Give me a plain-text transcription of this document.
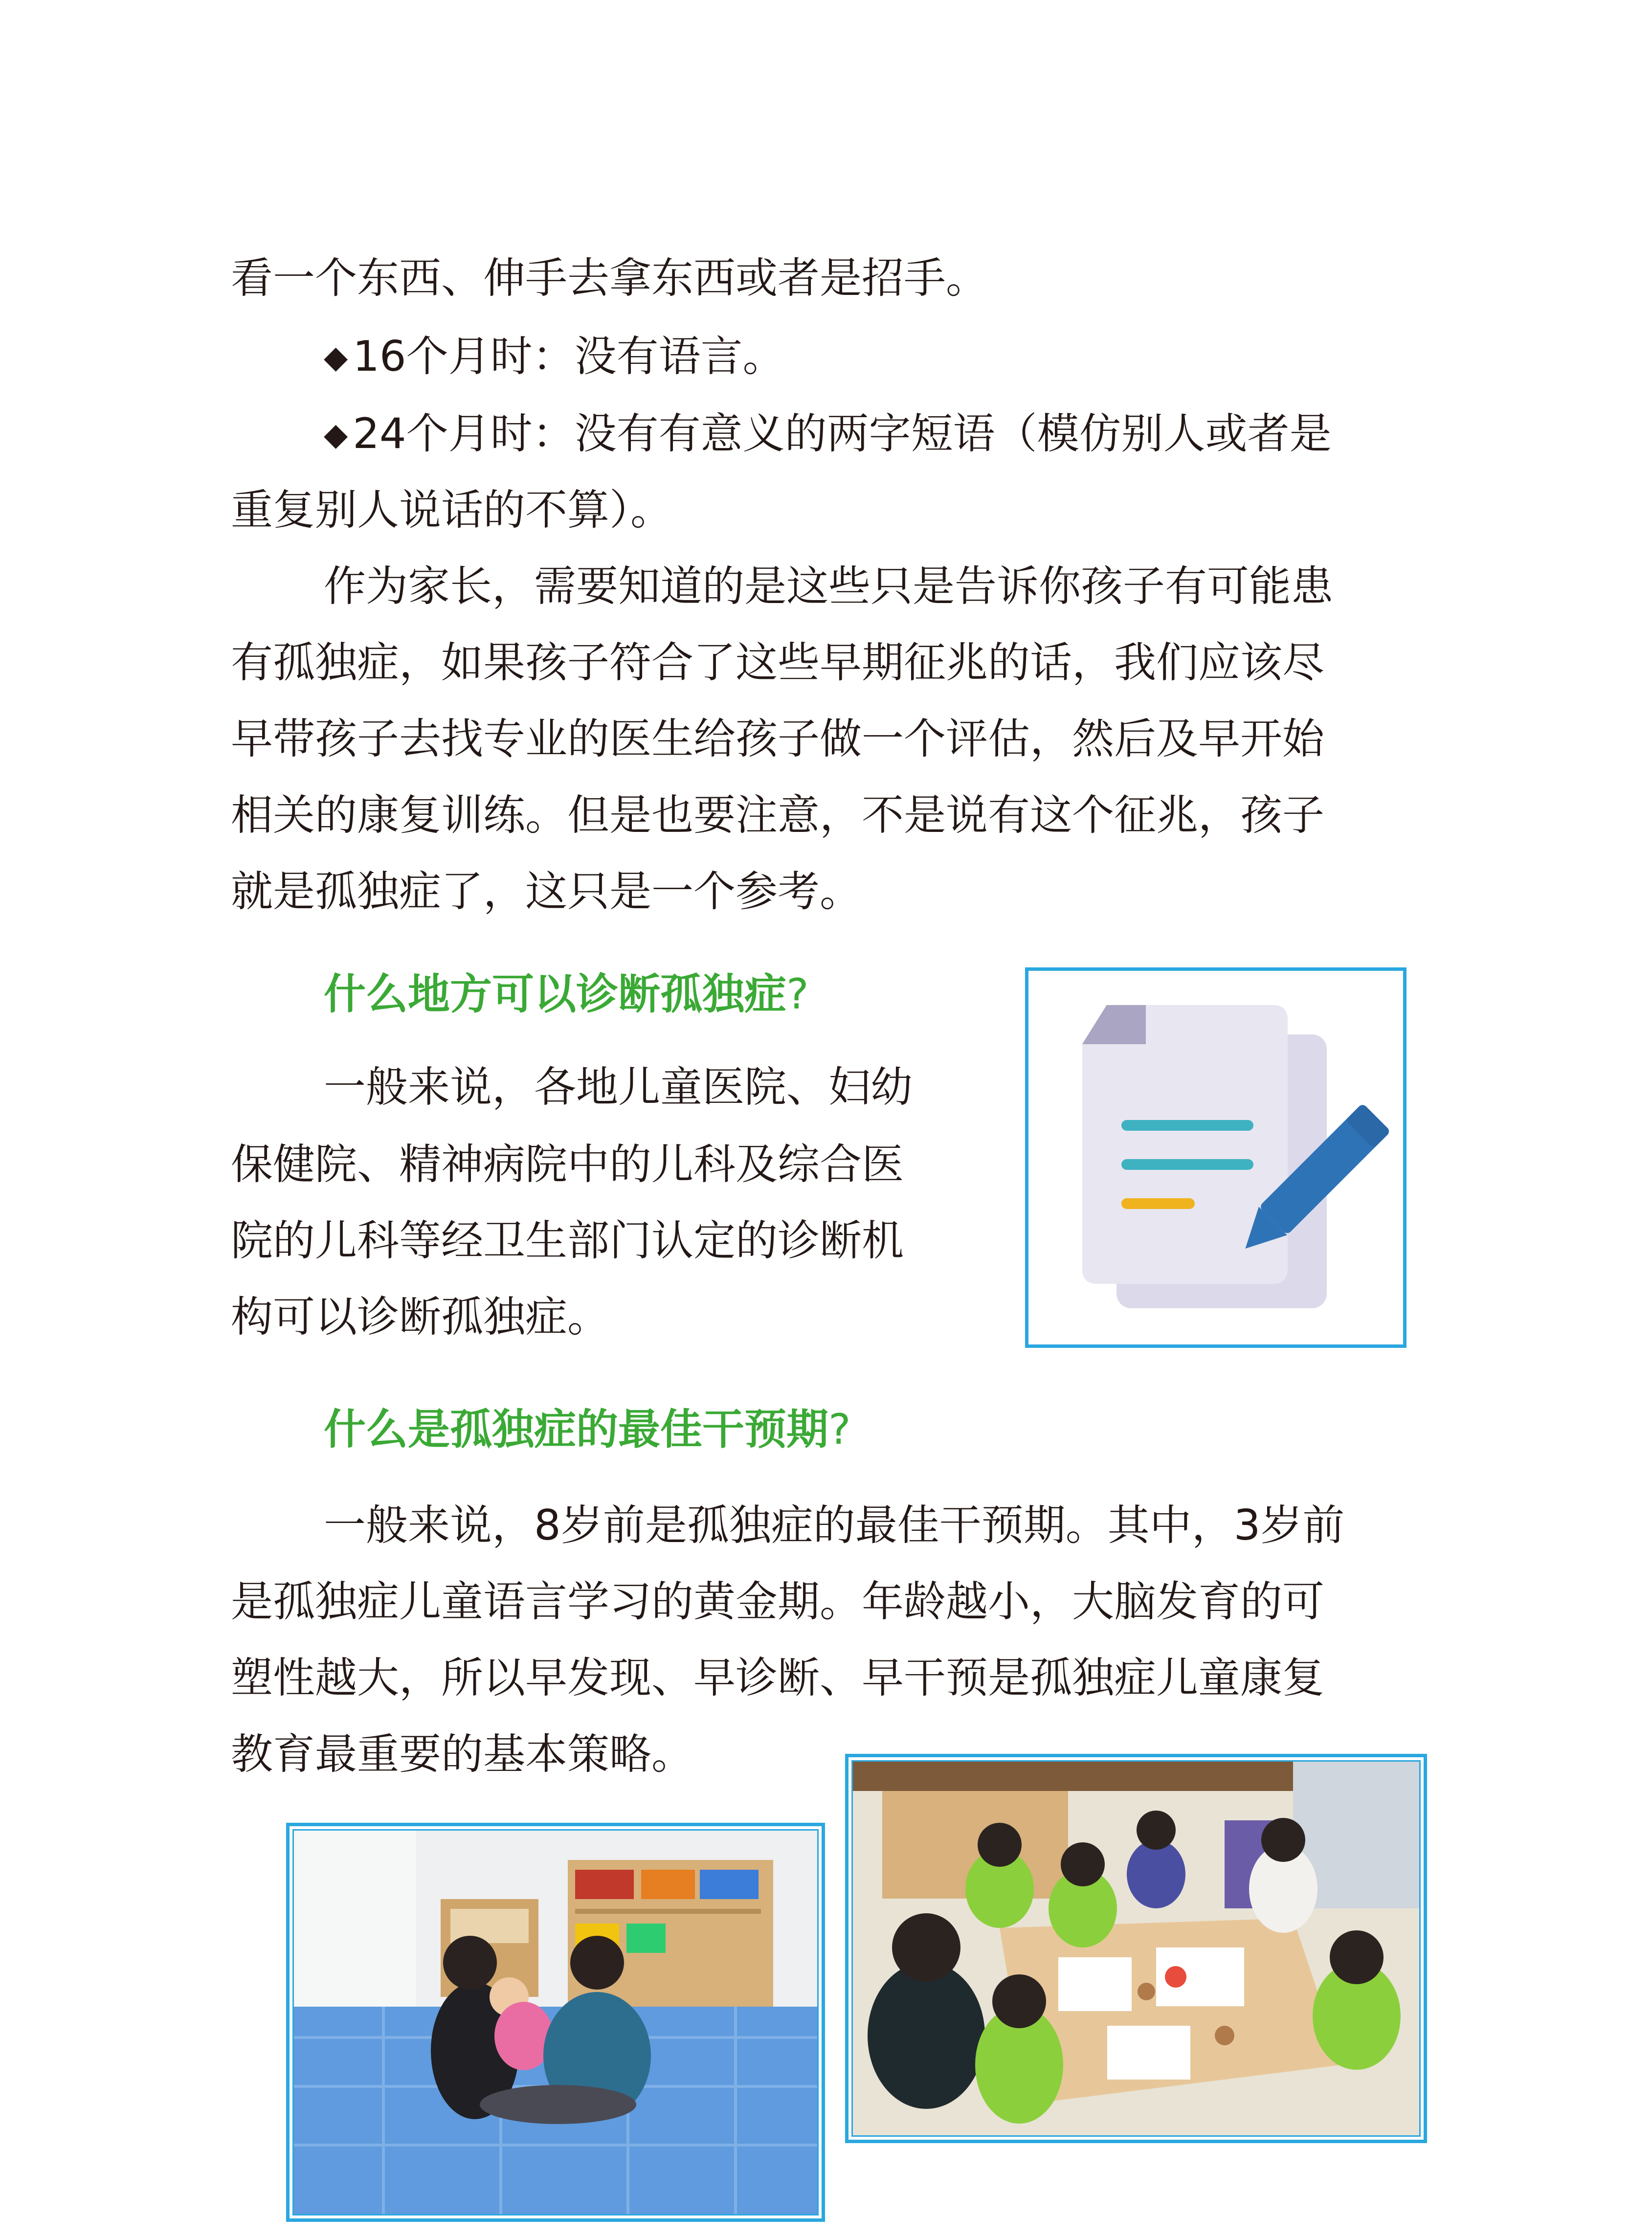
看一个东西、伸手去拿东西或者是招手。

◆ 16个月时：没有语言。

◆ 24个月时：没有有意义的两字短语（模仿别人或者是

重复别人说话的不算）。

作为家长，需要知道的是这些只是告诉你孩子有可能患

有孤独症，如果孩子符合了这些早期征兆的话，我们应该尽

早带孩子去找专业的医生给孩子做一个评估，然后及早开始

相关的康复训练。但是也要注意，不是说有这个征兆，孩子

就是孤独症了，这只是一个参考。

什么地方可以诊断孤独症?

一般来说，各地儿童医院、妇幼

保健院、精神病院中的儿科及综合医

院的儿科等经卫生部门认定的诊断机

构可以诊断孤独症。

什么是孤独症的最佳干预期?

一般来说，8岁前是孤独症的最佳干预期。其中，3岁前

是孤独症儿童语言学习的黄金期。年龄越小，大脑发育的可

塑性越大，所以早发现、早诊断、早干预是孤独症儿童康复

教育最重要的基本策略。
